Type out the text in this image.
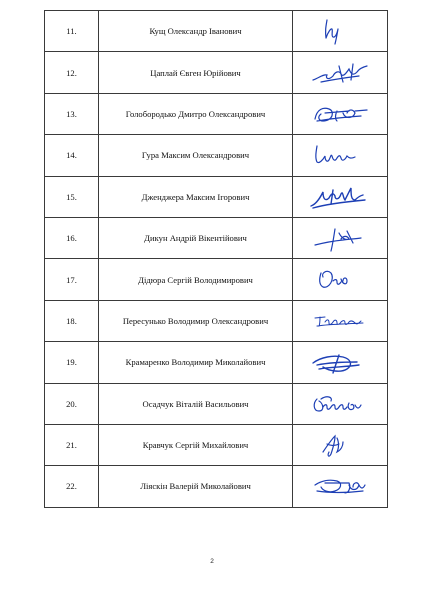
11.	Кущ Олександр Іванович	

12.	Цаплай Євген Юрійович	

13.	Голобородько Дмитро Олександрович	

14.	Гура Максим Олександрович	

15.	Дженджера Максим Ігорович	

16.	Дикун Андрій Вікентійович	

17.	Дідюра Сергій Володимирович	

18.	Пересунько Володимир Олександрович	

19.	Крамаренко Володимир Миколайович	

20.	Осадчук Віталій Васильович	

21.	Кравчук Сергій Михайлович	

22.	Ліяскін Валерій Миколайович	
2
